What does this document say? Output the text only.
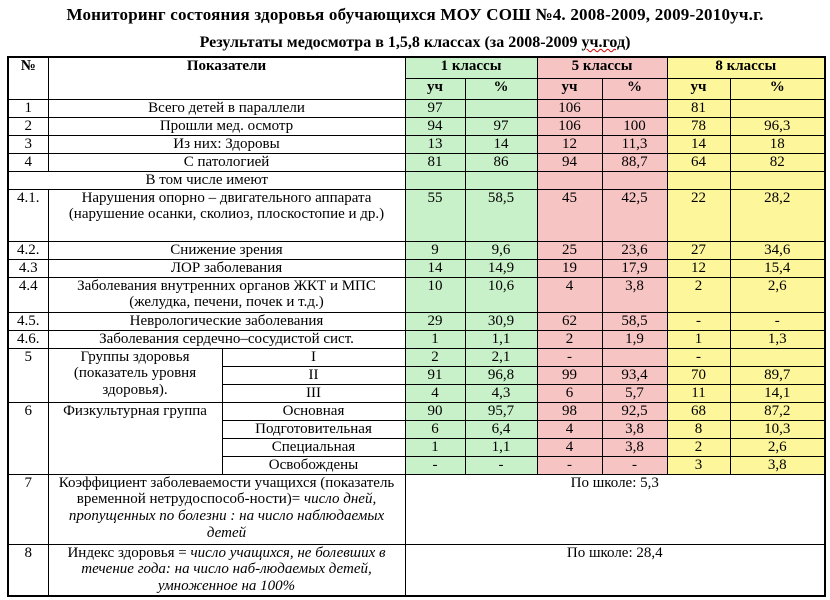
Мониторинг состояния здоровья обучающихся МОУ СОШ №4. 2008-2009, 2009-2010уч.г.
Результаты медосмотра в 1,5,8 классах (за 2008-2009 уч.год)
№	Показатели		1 классы		5 классы		8 классы	
			уч	%	уч	%	уч	%
1	Всего детей в параллели		97		106		81	
2	Прошли мед. осмотр		94	97	106	100	78	96,3
3	Из них: Здоровы		13	14	12	11,3	14	18
4	С патологией		81	86	94	88,7	64	82
В том числе имеют								
4.1.	Нарушения опорно – двигательного аппарата (нарушение осанки, сколиоз, плоскостопие и др.)		55	58,5	45	42,5	22	28,2
4.2.	Снижение зрения		9	9,6	25	23,6	27	34,6
4.3	ЛОР заболевания		14	14,9	19	17,9	12	15,4
4.4	Заболевания внутренних органов ЖКТ и МПС (желудка, печени, почек и т.д.)		10	10,6	4	3,8	2	2,6
4.5.	Неврологические заболевания		29	30,9	62	58,5	-	-
4.6.	Заболевания сердечно–сосудистой сист.		1	1,1	2	1,9	1	1,3
5	Группы здоровья (показатель уровня здоровья).	I	2	2,1	-		-	
		II	91	96,8	99	93,4	70	89,7
		III	4	4,3	6	5,7	11	14,1
6	Физкультурная группа	Основная	90	95,7	98	92,5	68	87,2
		Подготовительная	6	6,4	4	3,8	8	10,3
		Специальная	1	1,1	4	3,8	2	2,6
		Освобождены	-	-	-	-	3	3,8
7	Коэффициент заболеваемости учащихся (показатель временной нетрудоспособ-ности)= число дней, пропущенных по болезни : на число наблюдаемых детей		По школе: 5,3					
8	Индекс здоровья = число учащихся, не болевших в течение года: на число наб-людаемых детей, умноженное на 100%		По школе: 28,4					
